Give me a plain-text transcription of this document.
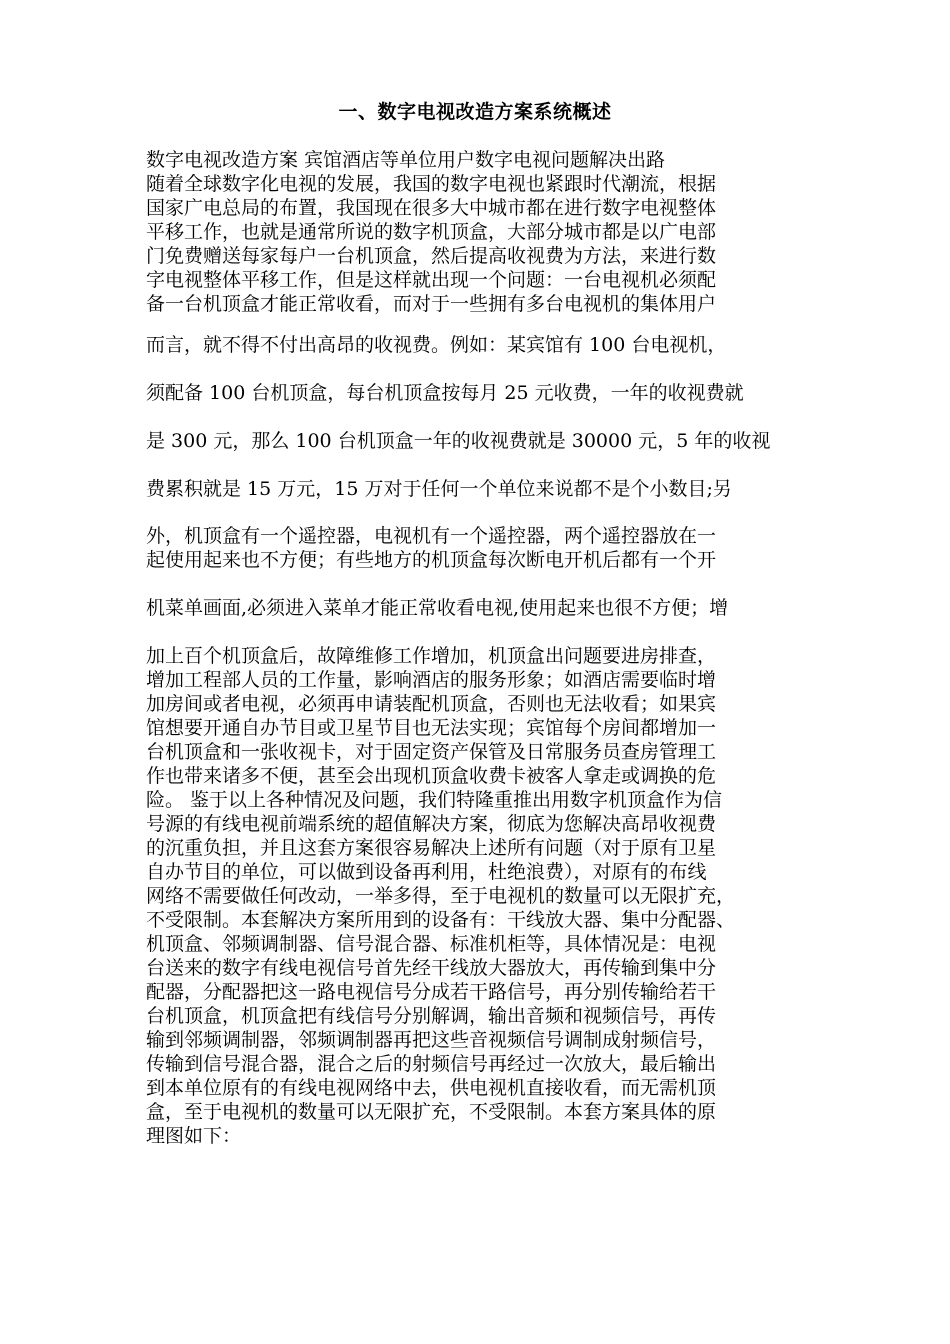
一、数字电视改造方案系统概述
数字电视改造方案 宾馆酒店等单位用户数字电视问题解决出路
随着全球数字化电视的发展，我国的数字电视也紧跟时代潮流，根据
国家广电总局的布置，我国现在很多大中城市都在进行数字电视整体
平移工作，也就是通常所说的数字机顶盒，大部分城市都是以广电部
门免费赠送每家每户一台机顶盒，然后提高收视费为方法，来进行数
字电视整体平移工作，但是这样就出现一个问题：一台电视机必须配
备一台机顶盒才能正常收看，而对于一些拥有多台电视机的集体用户
而言，就不得不付出高昂的收视费。例如：某宾馆有 100 台电视机，
须配备 100 台机顶盒，每台机顶盒按每月 25 元收费，一年的收视费就
是 300 元，那么 100 台机顶盒一年的收视费就是 30000 元，5 年的收视
费累积就是 15 万元，15 万对于任何一个单位来说都不是个小数目;另
外，机顶盒有一个遥控器，电视机有一个遥控器，两个遥控器放在一
起使用起来也不方便；有些地方的机顶盒每次断电开机后都有一个开
机菜单画面,必须进入菜单才能正常收看电视,使用起来也很不方便；增
加上百个机顶盒后，故障维修工作增加，机顶盒出问题要进房排查，
增加工程部人员的工作量，影响酒店的服务形象；如酒店需要临时增
加房间或者电视，必须再申请装配机顶盒，否则也无法收看；如果宾
馆想要开通自办节目或卫星节目也无法实现；宾馆每个房间都增加一
台机顶盒和一张收视卡，对于固定资产保管及日常服务员查房管理工
作也带来诸多不便，甚至会出现机顶盒收费卡被客人拿走或调换的危
险。 鉴于以上各种情况及问题，我们特隆重推出用数字机顶盒作为信
号源的有线电视前端系统的超值解决方案，彻底为您解决高昂收视费
的沉重负担，并且这套方案很容易解决上述所有问题（对于原有卫星
自办节目的单位，可以做到设备再利用，杜绝浪费），对原有的布线
网络不需要做任何改动，一举多得，至于电视机的数量可以无限扩充，
不受限制。本套解决方案所用到的设备有：干线放大器、集中分配器、
机顶盒、邻频调制器、信号混合器、标准机柜等，具体情况是：电视
台送来的数字有线电视信号首先经干线放大器放大，再传输到集中分
配器，分配器把这一路电视信号分成若干路信号，再分别传输给若干
台机顶盒，机顶盒把有线信号分别解调，输出音频和视频信号，再传
输到邻频调制器，邻频调制器再把这些音视频信号调制成射频信号，
传输到信号混合器，混合之后的射频信号再经过一次放大，最后输出
到本单位原有的有线电视网络中去，供电视机直接收看，而无需机顶
盒，至于电视机的数量可以无限扩充，不受限制。本套方案具体的原
理图如下：
